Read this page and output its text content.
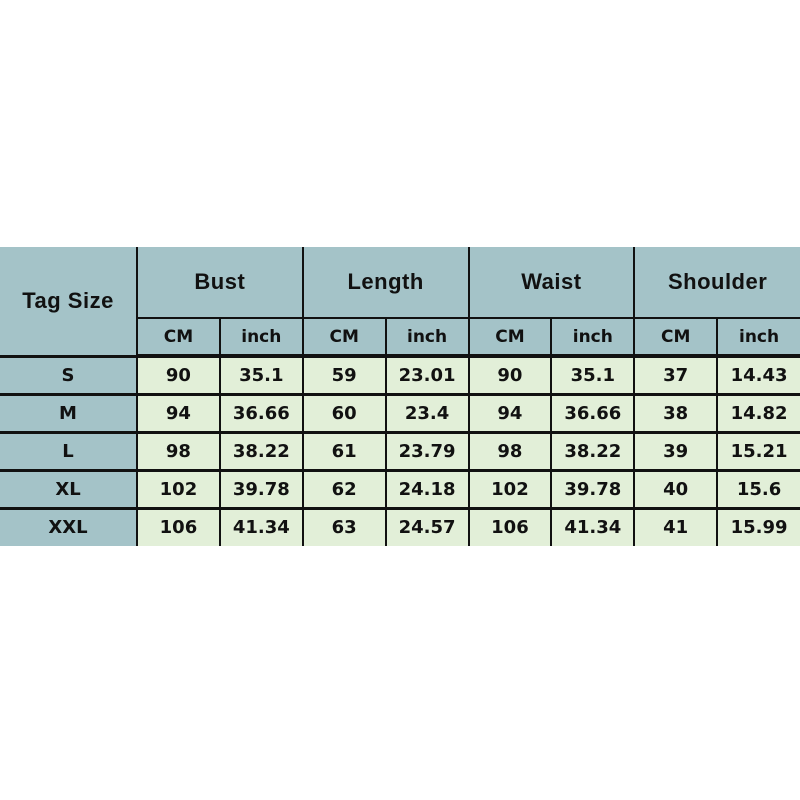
Tag Size	Bust		Length		Waist		Shoulder	
	CM	inch	CM	inch	CM	inch	CM	inch
S	90	35.1	59	23.01	90	35.1	37	14.43
M	94	36.66	60	23.4	94	36.66	38	14.82
L	98	38.22	61	23.79	98	38.22	39	15.21
XL	102	39.78	62	24.18	102	39.78	40	15.6
XXL	106	41.34	63	24.57	106	41.34	41	15.99
